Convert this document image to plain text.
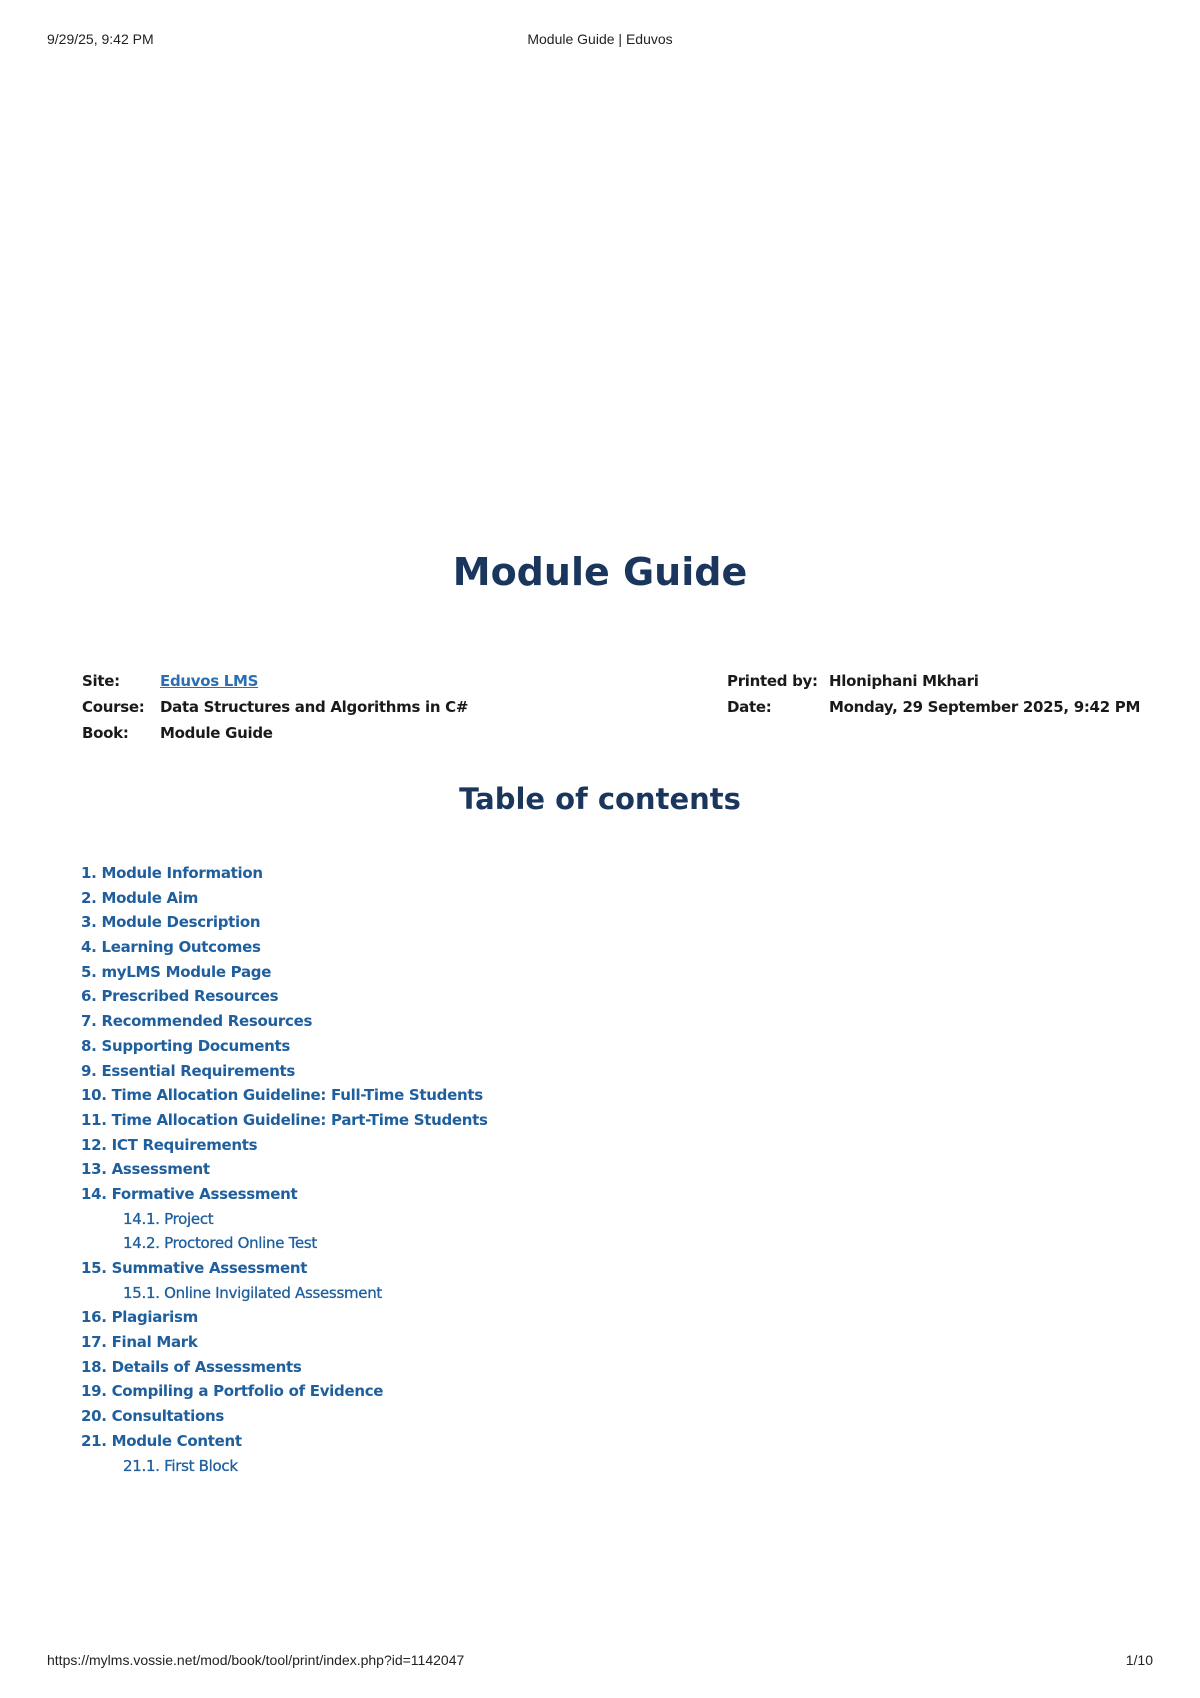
9/29/25, 9:42 PM	Module Guide | Eduvos
Module Guide
Site:	Eduvos LMS
Course: Data Structures and Algorithms in C#
Book: Module Guide
Printed by: Hloniphani Mkhari
Date:	Monday, 29 September 2025, 9:42 PM
Table of contents
1. Module Information
2. Module Aim
3. Module Description
4. Learning Outcomes
5. myLMS Module Page
6. Prescribed Resources
7. Recommended Resources
8. Supporting Documents
9. Essential Requirements
10. Time Allocation Guideline: Full-Time Students
11. Time Allocation Guideline: Part-Time Students
12. ICT Requirements
13. Assessment
14. Formative Assessment
14.1. Project
14.2. Proctored Online Test
15. Summative Assessment
15.1. Online Invigilated Assessment
16. Plagiarism
17. Final Mark
18. Details of Assessments
19. Compiling a Portfolio of Evidence
20. Consultations
21. Module Content
21.1. First Block
https://mylms.vossie.net/mod/book/tool/print/index.php?id=1142047	1/10
